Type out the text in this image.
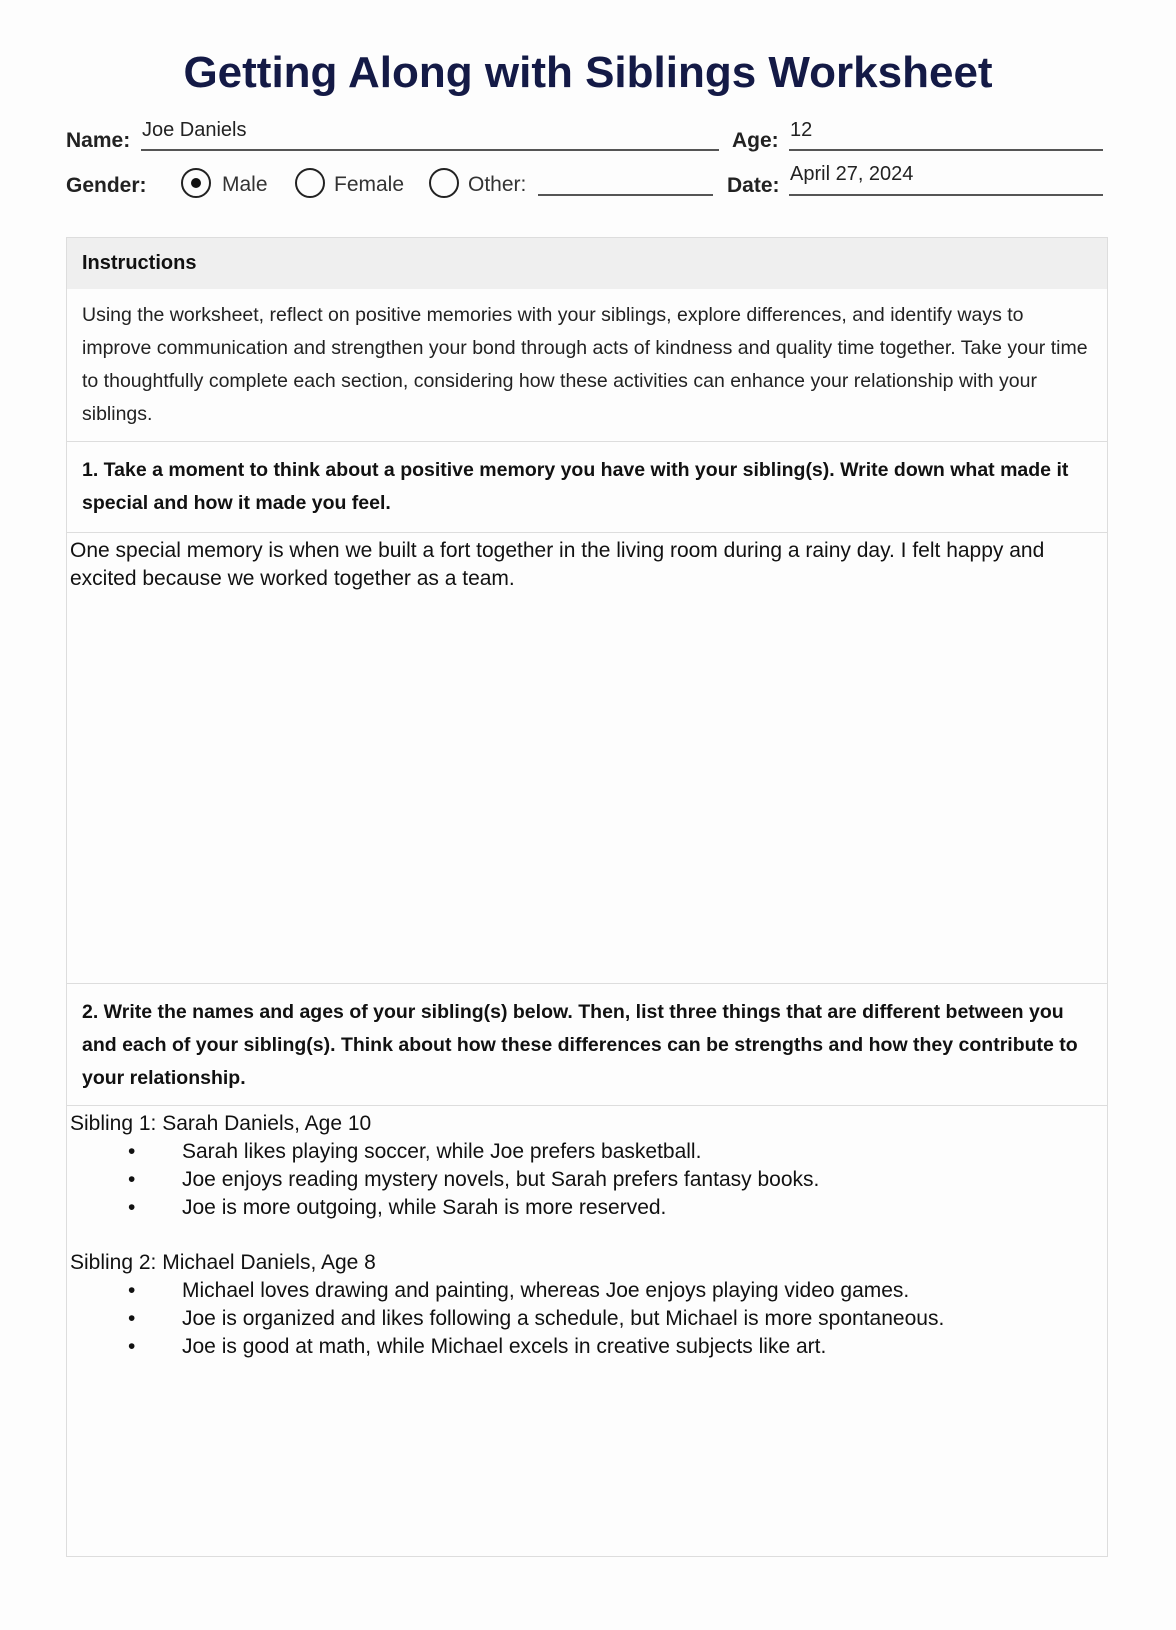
Getting Along with Siblings Worksheet
Name: Joe Daniels	Age: 12
Gender:	Male	Female	Other:	Date: April 27, 2024
Instructions
Using the worksheet, reflect on positive memories with your siblings, explore differences, and identify ways to improve communication and strengthen your bond through acts of kindness and quality time together. Take your time to thoughtfully complete each section, considering how these activities can enhance your relationship with your siblings.
1. Take a moment to think about a positive memory you have with your sibling(s). Write down what made it special and how it made you feel.
One special memory is when we built a fort together in the living room during a rainy day. I felt happy and excited because we worked together as a team.
2. Write the names and ages of your sibling(s) below. Then, list three things that are different between you and each of your sibling(s). Think about how these differences can be strengths and how they contribute to your relationship.
Sibling 1: Sarah Daniels, Age 10
• Sarah likes playing soccer, while Joe prefers basketball.
• Joe enjoys reading mystery novels, but Sarah prefers fantasy books.
• Joe is more outgoing, while Sarah is more reserved.
Sibling 2: Michael Daniels, Age 8
• Michael loves drawing and painting, whereas Joe enjoys playing video games.
• Joe is organized and likes following a schedule, but Michael is more spontaneous.
• Joe is good at math, while Michael excels in creative subjects like art.
